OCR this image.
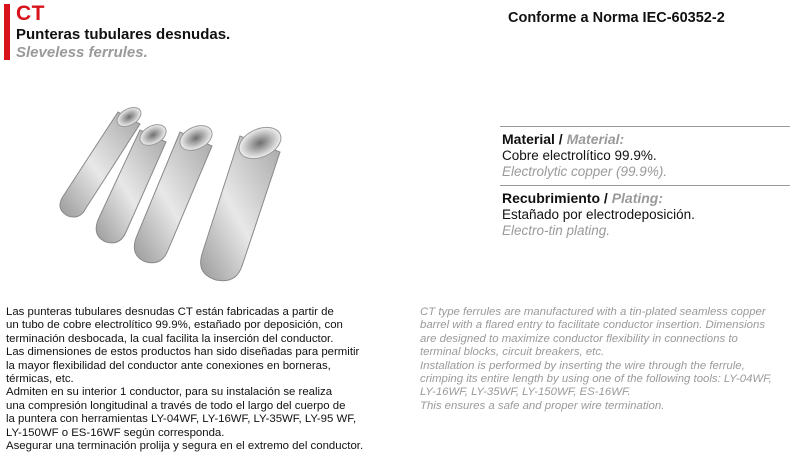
CT
Punteras tubulares desnudas.
Sleveless ferrules.
Conforme a Norma IEC-60352-2
Material / Material:
Cobre electrolítico 99.9%.
Electrolytic copper (99.9%).
Recubrimiento / Plating:
Estañado por electrodeposición.
Electro-tin plating.
Las punteras tubulares desnudas CT están fabricadas a partir de
un tubo de cobre electrolítico 99.9%, estañado por deposición, con
terminación desbocada, la cual facilita la inserción del conductor.
Las dimensiones de estos productos han sido diseñadas para permitir
la mayor flexibilidad del conductor ante conexiones en borneras,
térmicas, etc.
Admiten en su interior 1 conductor, para su instalación se realiza
una compresión longitudinal a través de todo el largo del cuerpo de
la puntera con herramientas LY-04WF, LY-16WF, LY-35WF, LY-95 WF,
LY-150WF o ES-16WF según corresponda.
Asegurar una terminación prolija y segura en el extremo del conductor.
CT type ferrules are manufactured with a tin-plated seamless copper
barrel with a flared entry to facilitate conductor insertion. Dimensions
are designed to maximize conductor flexibility in connections to
terminal blocks, circuit breakers, etc.
Installation is performed by inserting the wire through the ferrule,
crimping its entire length by using one of the following tools: LY-04WF,
LY-16WF, LY-35WF, LY-150WF, ES-16WF.
This ensures a safe and proper wire termination.
